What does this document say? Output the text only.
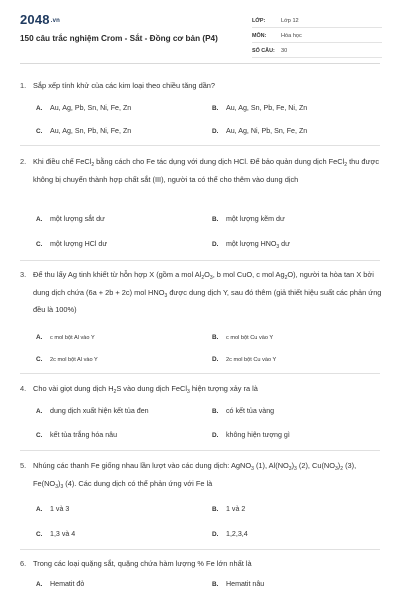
2048.vn
150 câu trắc nghiệm Crom - Sắt - Đồng cơ bản (P4)
LỚP:	Lớp 12
MÔN:	Hóa học
SỐ CÂU: 30
1. Sắp xếp tính khử của các kim loại theo chiều tăng dần?
A. Au, Ag, Pb, Sn, Ni, Fe, Zn	B. Au, Ag, Sn, Pb, Fe, Ni, Zn
C. Au, Ag, Sn, Pb, Ni, Fe, Zn	D. Au, Ag, Ni, Pb, Sn, Fe, Zn
2. Khi điều chế FeCl$_2$ bằng cách cho Fe tác dụng với dung dịch HCl. Để bảo quản dung dịch FeCl$_2$ thu được không bị chuyển thành hợp chất sắt (III), người ta có thể cho thêm vào dung dịch
A. một lượng sắt dư	B. một lượng kẽm dư
C. một lượng HCl dư	D. một lượng $HNO_3$ dư
3. Để thu lấy Ag tinh khiết từ hỗn hợp X (gồm a mol $Al_2O_3$, b mol CuO, c mol $Ag_2O$), người ta hòa tan X bởi dung dịch chứa (6a + 2b + 2c) mol $HNO_3$ được dung dịch Y, sau đó thêm (giả thiết hiệu suất các phản ứng đều là 100%)
A. c mol bột Al vào Y	B. c mol bột Cu vào Y
C. 2c mol bột Al vào Y	D. 2c mol bột Cu vào Y
4. Cho vài giọt dung dịch $H_2S$ vào dung dịch FeCl$_3$ hiện tượng xảy ra là
A. dung dịch xuất hiện kết tủa đen	B. có kết tủa vàng
C. kết tủa trắng hóa nâu	D. không hiện tượng gì
5. Nhúng các thanh Fe giống nhau lần lượt vào các dung dịch: AgNO$_3$ (1), $Al(NO_3)_3$ (2), $Cu(NO_3)_2$ (3), $Fe(NO_3)_3$ (4). Các dung dịch có thể phản ứng với Fe là
A. 1 và 3	B. 1 và 2
C. 1,3 và 4	D. 1,2,3,4
6. Trong các loại quặng sắt, quặng chứa hàm lượng % Fe lớn nhất là
A. Hematit đỏ	B. Hematit nâu
